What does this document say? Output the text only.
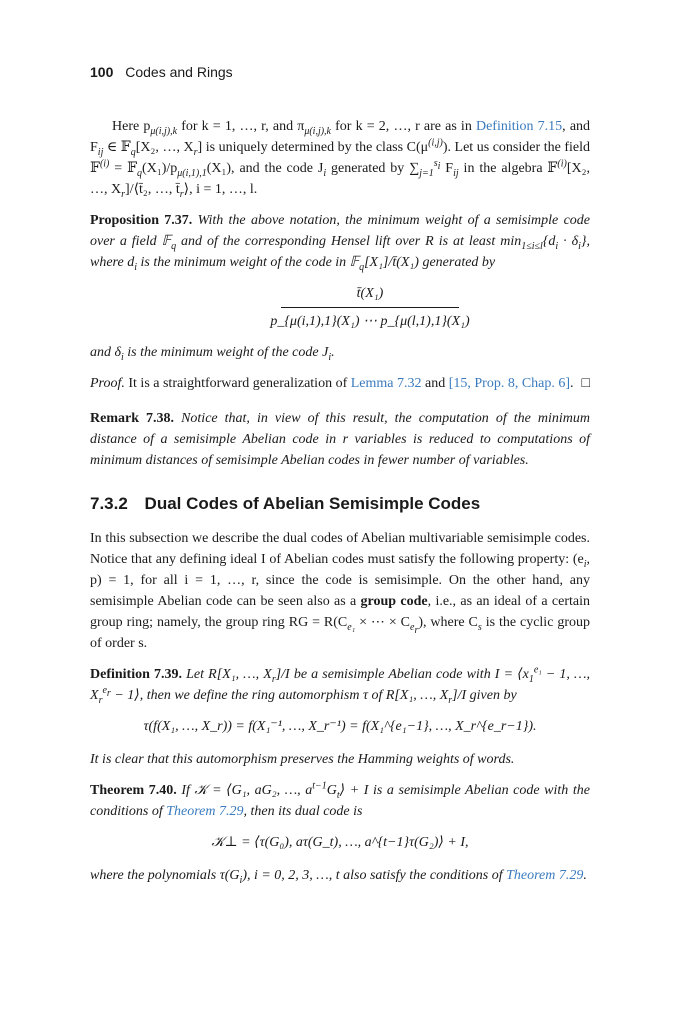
100 Codes and Rings

Here $p_{\mu(i,j),k}$ for k = 1, …, r, and $\pi_{\mu(i,j),k}$ for k = 2, …, r are as in Definition 7.15, and $F_{ij}$ ∈ 𝔽$_q$[X₂, …, $X_r$] is uniquely determined by the class $C(\mu^{(i,j)})$. Let us consider the field 𝔽$^{(i)}$ = $𝔽_q(X_1)/p_{\mu(i,1),1}(X_1)$, and the code $J_i$ generated by $\sum_{j=1}^{s_i}$ $F_{ij}$ in the algebra 𝔽$^{(i)}$[X₂, …, $X_r]/⟨t̄_2$, …, $t̄_r⟩$, i = 1, …, l.

Proposition 7.37. With the above notation, the minimum weight of a semisimple code over a field 𝔽$_q$ and of the corresponding Hensel lift over R is at least $\min_{1\le i\le l}\{d_i \cdot \delta_i\}$, where $d_i$ is the minimum weight of the code in 𝔽$_q$[X₁]/t̄(X₁) generated by

t̄(X₁)
p_{μ(i,1),1}(X₁) ⋯ p_{μ(l,1),1}(X₁)

and $\delta_i$ is the minimum weight of the code $J_i$.

Proof. It is a straightforward generalization of Lemma 7.32 and [15, Prop. 8, Chap. 6]. □

Remark 7.38. Notice that, in view of this result, the computation of the minimum distance of a semisimple Abelian code in r variables is reduced to computations of minimum distances of semisimple Abelian codes in fewer number of variables.

7.3.2 Dual Codes of Abelian Semisimple Codes

In this subsection we describe the dual codes of Abelian multivariable semisimple codes. Notice that any defining ideal I of Abelian codes must satisfy the following property: ($e_i$, p) = 1, for all i = 1, …, r, since the code is semisimple. On the other hand, any semisimple Abelian code can be seen also as a group code, i.e., as an ideal of a certain group ring; namely, the group ring RG = $R(C_{e_1}$ × ⋯ × $C_{e_r}$), where $C_s$ is the cyclic group of order s.

Definition 7.39. Let R[X₁, …, $X_r]/I$ be a semisimple Abelian code with $I = ⟨x_1^{e_1} - 1$, …, $X_rer$ − 1⟩, then we define the ring automorphism τ of R[X₁, …, $X_r]/I$ given by

τ(f(X₁, …, X_r)) = f(X₁⁻¹, …, X_r⁻¹) = f(X₁^{e₁−1}, …, X_r^{e_r−1}).

It is clear that this automorphism preserves the Hamming weights of words.

Theorem 7.40. If 𝒦 = ⟨G₁, aG₂, …, $a^{t-1}G_t⟩ + I$ is a semisimple Abelian code with the conditions of Theorem 7.29, then its dual code is

𝒦⊥ = ⟨τ(G₀), aτ(G_t), …, a^{t−1}τ(G₂)⟩ + I,

where the polynomials $\tau(G_i)$, i = 0, 2, 3, …, t also satisfy the conditions of Theorem 7.29.
